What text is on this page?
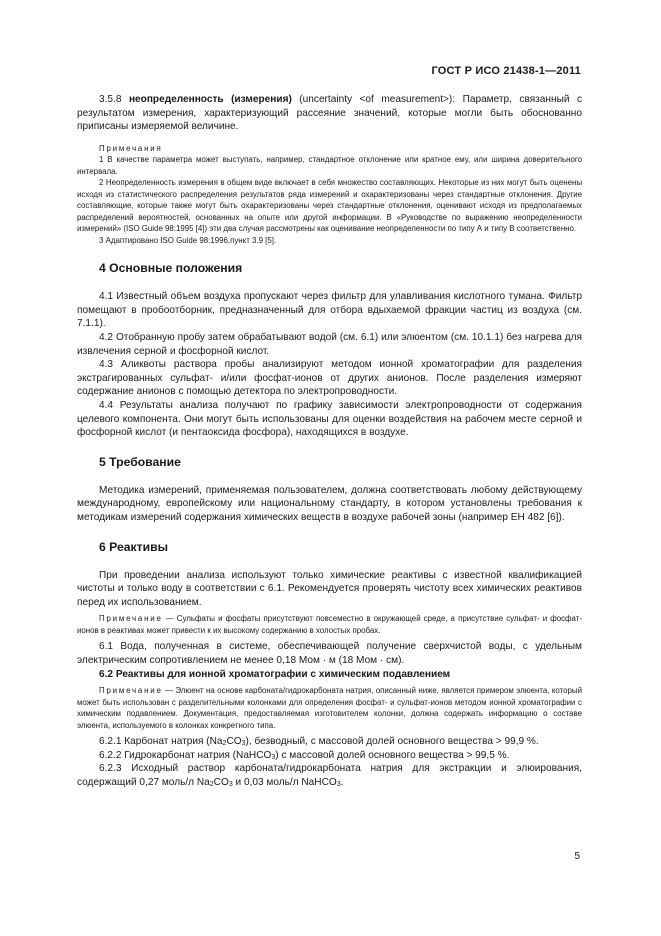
ГОСТ Р ИСО 21438-1—2011

3.5.8 неопределенность (измерения) (uncertainty <of measurement>): Параметр, связанный с результатом измерения, характеризующий рассеяние значений, которые могли быть обоснованно приписаны измеряемой величине.

Примечания
1 В качестве параметра может выступать, например, стандартное отклонение или кратное ему, или ширина доверительного интервала.
2 Неопределенность измерения в общем виде включает в себя множество составляющих. Некоторые из них могут быть оценены исходя из статистического распределения результатов ряда измерений и охарактеризованы через стандартные отклонения. Другие составляющие, которые также могут быть охарактеризованы через стандартные отклонения, оценивают исходя из предполагаемых распределений вероятностей, основанных на опыте или другой информации. В «Руководстве по выражению неопределенности измерений» (ISO Guide 98:1995 [4]) эти два случая рассмотрены как оценивание неопределенности по типу А и типу В соответственно.
3 Адаптировано ISO Guide 98:1996,пункт 3.9 [5].
4 Основные положения

4.1 Известный объем воздуха пропускают через фильтр для улавливания кислотного тумана. Фильтр помещают в пробоотборник, предназначенный для отбора вдыхаемой фракции частиц из воздуха (см. 7.1.1).

4.2 Отобранную пробу затем обрабатывают водой (см. 6.1) или элюентом (см. 10.1.1) без нагрева для извлечения серной и фосфорной кислот.

4.3 Аликвоты раствора пробы анализируют методом ионной хроматографии для разделения экстрагированных сульфат- и/или фосфат-ионов от других анионов. После разделения измеряют содержание анионов с помощью детектора по электропроводности.

4.4 Результаты анализа получают по графику зависимости электропроводности от содержания целевого компонента. Они могут быть использованы для оценки воздействия на рабочем месте серной и фосфорной кислот (и пентаоксида фосфора), находящихся в воздухе.

5 Требование

Методика измерений, применяемая пользователем, должна соответствовать любому действующему международному, европейскому или национальному стандарту, в котором установлены требования к методикам измерений содержания химических веществ в воздухе рабочей зоны (например ЕН 482 [6]).

6 Реактивы

При проведении анализа используют только химические реактивы с известной квалификацией чистоты и только воду в соответствии с 6.1. Рекомендуется проверять чистоту всех химических реактивов перед их использованием.

Примечание — Сульфаты и фосфаты присутствуют повсеместно в окружающей среде, а присутствие сульфат- и фосфат-ионов в реактивах может привести к их высокому содержанию в холостых пробах.

6.1 Вода, полученная в системе, обеспечивающей получение сверхчистой воды, с удельным электрическим сопротивлением не менее 0,18 Мом · м (18 Мом · см).

6.2 Реактивы для ионной хроматографии с химическим подавлением

Примечание — Элюент на основе карбоната/гидрокарбоната натрия, описанный ниже, является примером элюента, который может быть использован с разделительными колонками для определения фосфат- и сульфат-ионов методом ионной хроматографии с химическим подавлением. Документация, предоставляемая изготовителем колонки, должна содержать информацию о составе элюента, используемого в колонках конкретного типа.

6.2.1 Карбонат натрия $(Na_2CO_3)$, безводный, с массовой долей основного вещества > 99,9 %.

6.2.2 Гидрокарбонат натрия (NaHCO$_3$) с массовой долей основного вещества > 99,5 %.

6.2.3 Исходный раствор карбоната/гидрокарбоната натрия для экстракции и элюирования, содержащий 0,27 моль/л $Na_2CO_3$ и 0,03 моль/л NaHCO$_3$.

5
